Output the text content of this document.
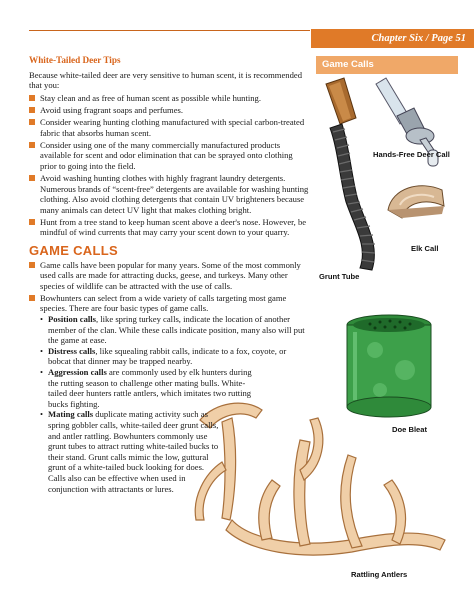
Chapter Six / Page 51
Game Calls
Hands-Free Deer Call
Elk Call
Grunt Tube
Doe Bleat
Rattling Antlers
White-Tailed Deer Tips
Because white-tailed deer are very sensitive to human scent, it is recommended that you:
Stay clean and as free of human scent as possible while hunting.
Avoid using fragrant soaps and perfumes.
Consider wearing hunting clothing manufactured with special carbon-treated fabric that absorbs human scent.
Consider using one of the many commercially manufactured products available for scent and odor elimination that can be sprayed onto clothing prior to going into the field.
Avoid washing hunting clothes with highly fragrant laundry detergents. Numerous brands of “scent-free” detergents are available for washing hunting clothing. Also avoid clothing detergents that contain UV brighteners because many animals can detect UV light that makes clothing bright.
Hunt from a tree stand to keep human scent above a deer's nose. However, be mindful of wind currents that may carry your scent down to your quarry.
GAME CALLS
Game calls have been popular for many years. Some of the most commonly used calls are made for attracting ducks, geese, and turkeys. Many other species of wildlife can be attracted with the use of calls.
Bowhunters can select from a wide variety of calls targeting most game species. There are four basic types of game calls.
• Position calls, like spring turkey calls, indicate the location of another member of the clan. While these calls indicate position, many also will put the game at ease.
• Distress calls, like squealing rabbit calls, indicate to a fox, coyote, or bobcat that dinner may be trapped nearby.
• Aggression calls are commonly used by elk hunters during the rutting season to challenge other mating bulls. White-tailed deer hunters rattle antlers, which imitates two rutting bucks fighting.
• Mating calls duplicate mating activity such as spring gobbler calls, white-tailed deer grunt calls, and antler rattling. Bowhunters commonly use grunt tubes to attract rutting white-tailed bucks to their stand. Grunt calls mimic the low, guttural grunt of a white-tailed buck looking for does. Calls also can be effective when used in conjunction with attractants or lures.
